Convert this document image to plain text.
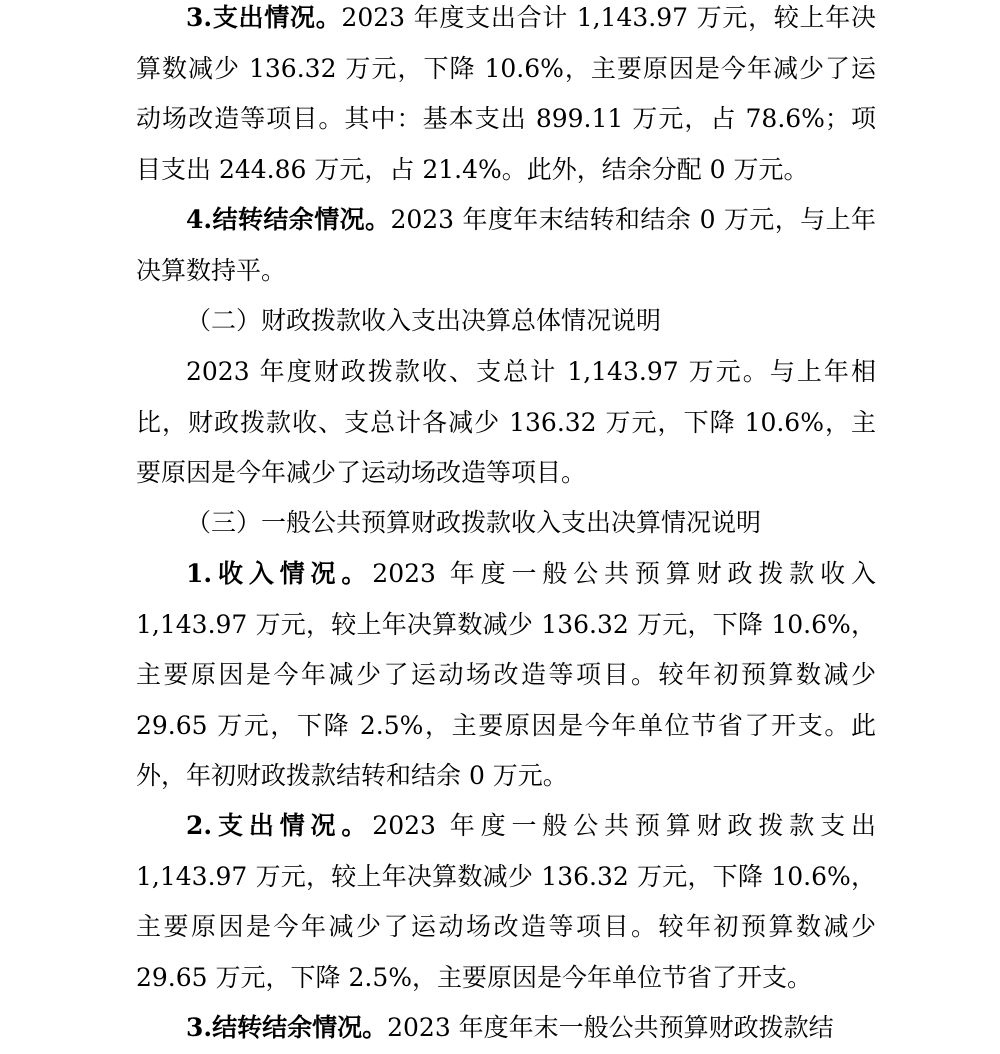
3.支出情况。2023 年度支出合计 1,143.97 万元，较上年决算数减少 136.32 万元，下降 10.6%，主要原因是今年减少了运动场改造等项目。其中：基本支出 899.11 万元，占 78.6%；项目支出 244.86 万元，占 21.4%。此外，结余分配 0 万元。

4.结转结余情况。2023 年度年末结转和结余 0 万元，与上年决算数持平。

（二）财政拨款收入支出决算总体情况说明

2023 年度财政拨款收、支总计 1,143.97 万元。与上年相比，财政拨款收、支总计各减少 136.32 万元，下降 10.6%，主要原因是今年减少了运动场改造等项目。

（三）一般公共预算财政拨款收入支出决算情况说明

1.收入情况。2023 年度一般公共预算财政拨款收入 1,143.97 万元，较上年决算数减少 136.32 万元，下降 10.6%，主要原因是今年减少了运动场改造等项目。较年初预算数减少 29.65 万元，下降 2.5%，主要原因是今年单位节省了开支。此外，年初财政拨款结转和结余 0 万元。

2.支出情况。2023 年度一般公共预算财政拨款支出 1,143.97 万元，较上年决算数减少 136.32 万元，下降 10.6%，主要原因是今年减少了运动场改造等项目。较年初预算数减少 29.65 万元，下降 2.5%，主要原因是今年单位节省了开支。

3.结转结余情况。2023 年度年末一般公共预算财政拨款结
